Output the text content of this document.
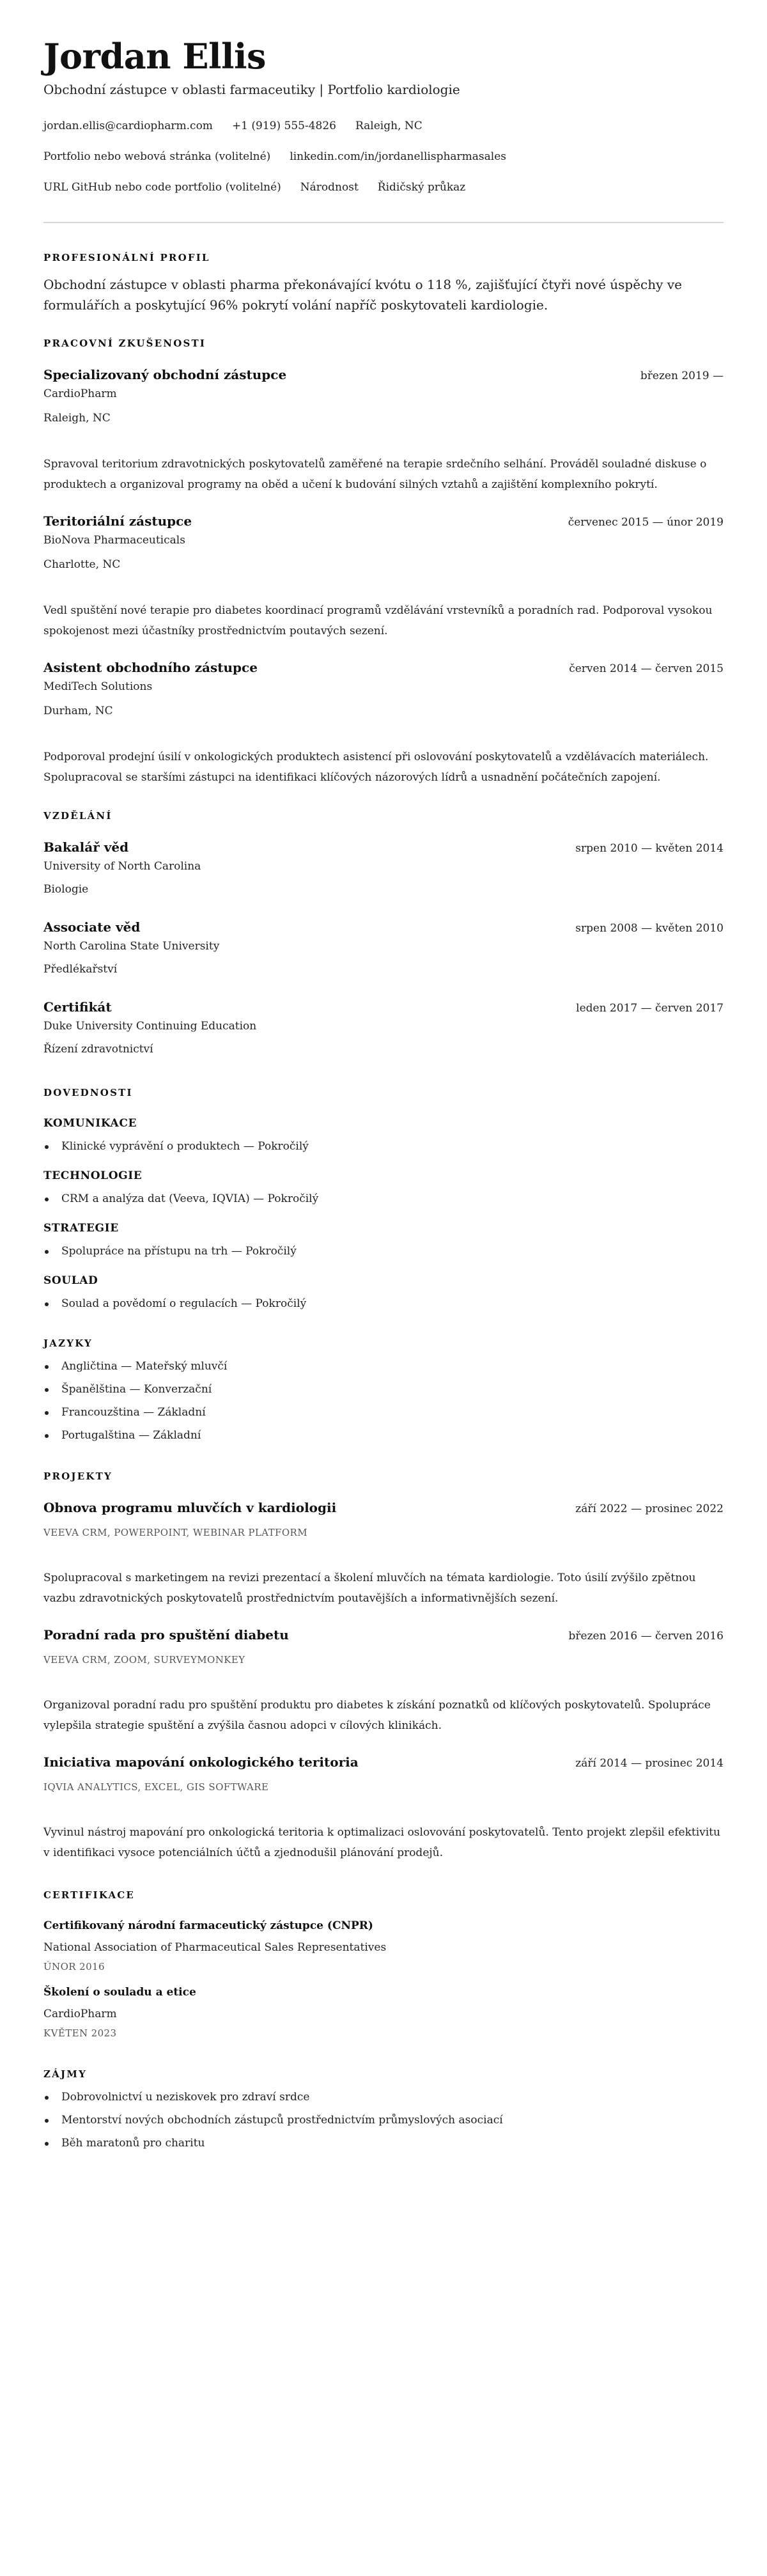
Jordan Ellis
Obchodní zástupce v oblasti farmaceutiky | Portfolio kardiologie
jordan.ellis@cardiopharm.com +1 (919) 555-4826 Raleigh, NC
Portfolio nebo webová stránka (volitelné) linkedin.com/in/jordanellispharmasales
URL GitHub nebo code portfolio (volitelné) Národnost Řidičský průkaz
PROFESIONÁLNÍ PROFIL

Obchodní zástupce v oblasti pharma překonávající kvótu o 118 %, zajišťující čtyři nové úspěchy ve formulářích a poskytující 96% pokrytí volání napříč poskytovateli kardiologie.

PRACOVNÍ ZKUŠENOSTI
Specializovaný obchodní zástupce	březen 2019 —
CardioPharm
Raleigh, NC

Spravoval teritorium zdravotnických poskytovatelů zaměřené na terapie srdečního selhání. Prováděl souladné diskuse o produktech a organizoval programy na oběd a učení k budování silných vztahů a zajištění komplexního pokrytí.

Teritoriální zástupce	červenec 2015 — únor 2019
BioNova Pharmaceuticals
Charlotte, NC

Vedl spuštění nové terapie pro diabetes koordinací programů vzdělávání vrstevníků a poradních rad. Podporoval vysokou spokojenost mezi účastníky prostřednictvím poutavých sezení.

Asistent obchodního zástupce	červen 2014 — červen 2015
MediTech Solutions
Durham, NC

Podporoval prodejní úsilí v onkologických produktech asistencí při oslovování poskytovatelů a vzdělávacích materiálech. Spolupracoval se staršími zástupci na identifikaci klíčových názorových lídrů a usnadnění počátečních zapojení.

VZDĚLÁNÍ
Bakalář věd	srpen 2010 — květen 2014
University of North Carolina
Biologie
Associate věd	srpen 2008 — květen 2010
North Carolina State University
Předlékařství
Certifikát	leden 2017 — červen 2017
Duke University Continuing Education
Řízení zdravotnictví
DOVEDNOSTI
KOMUNIKACE
Klinické vyprávění o produktech — Pokročilý
TECHNOLOGIE
CRM a analýza dat (Veeva, IQVIA) — Pokročilý
STRATEGIE
Spolupráce na přístupu na trh — Pokročilý
SOULAD
Soulad a povědomí o regulacích — Pokročilý
JAZYKY
Angličtina — Mateřský mluvčí
Španělština — Konverzační
Francouzština — Základní
Portugalština — Základní
PROJEKTY
Obnova programu mluvčích v kardiologii	září 2022 — prosinec 2022
VEEVA CRM, POWERPOINT, WEBINAR PLATFORM

Spolupracoval s marketingem na revizi prezentací a školení mluvčích na témata kardiologie. Toto úsilí zvýšilo zpětnou vazbu zdravotnických poskytovatelů prostřednictvím poutavějších a informativnějších sezení.

Poradní rada pro spuštění diabetu	březen 2016 — červen 2016
VEEVA CRM, ZOOM, SURVEYMONKEY

Organizoval poradní radu pro spuštění produktu pro diabetes k získání poznatků od klíčových poskytovatelů. Spolupráce vylepšila strategie spuštění a zvýšila časnou adopci v cílových klinikách.

Iniciativa mapování onkologického teritoria	září 2014 — prosinec 2014
IQVIA ANALYTICS, EXCEL, GIS SOFTWARE

Vyvinul nástroj mapování pro onkologická teritoria k optimalizaci oslovování poskytovatelů. Tento projekt zlepšil efektivitu v identifikaci vysoce potenciálních účtů a zjednodušil plánování prodejů.

CERTIFIKACE
Certifikovaný národní farmaceutický zástupce (CNPR)
National Association of Pharmaceutical Sales Representatives
ÚNOR 2016
Školení o souladu a etice
CardioPharm
KVĚTEN 2023
ZÁJMY
Dobrovolnictví u neziskovek pro zdraví srdce
Mentorství nových obchodních zástupců prostřednictvím průmyslových asociací
Běh maratonů pro charitu
